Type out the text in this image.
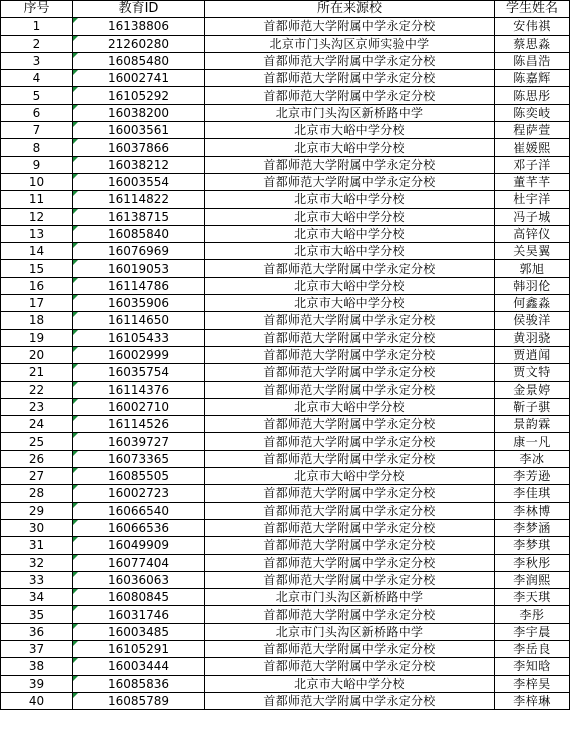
序号	教育ID	所在来源校	学生姓名
1	16138806	首都师范大学附属中学永定分校	安伟祺
2	21260280	北京市门头沟区京师实验中学	蔡思淼
3	16085480	首都师范大学附属中学永定分校	陈昌浩
4	16002741	首都师范大学附属中学永定分校	陈嘉辉
5	16105292	首都师范大学附属中学永定分校	陈思彤
6	16038200	北京市门头沟区新桥路中学	陈奕岐
7	16003561	北京市大峪中学分校	程萨萱
8	16037866	北京市大峪中学分校	崔媛熙
9	16038212	首都师范大学附属中学永定分校	邓子洋
10	16003554	首都师范大学附属中学永定分校	董芊芊
11	16114822	北京市大峪中学分校	杜宇洋
12	16138715	北京市大峪中学分校	冯子城
13	16085840	北京市大峪中学分校	高锌仪
14	16076969	北京市大峪中学分校	关昊翼
15	16019053	首都师范大学附属中学永定分校	郭旭
16	16114786	北京市大峪中学分校	韩羽伦
17	16035906	北京市大峪中学分校	何鑫淼
18	16114650	首都师范大学附属中学永定分校	侯骏洋
19	16105433	首都师范大学附属中学永定分校	黄羽骁
20	16002999	首都师范大学附属中学永定分校	贾逍闻
21	16035754	首都师范大学附属中学永定分校	贾文特
22	16114376	首都师范大学附属中学永定分校	金景婷
23	16002710	北京市大峪中学分校	靳子骐
24	16114526	首都师范大学附属中学永定分校	景韵霖
25	16039727	首都师范大学附属中学永定分校	康一凡
26	16073365	首都师范大学附属中学永定分校	李冰
27	16085505	北京市大峪中学分校	李芳逊
28	16002723	首都师范大学附属中学永定分校	李佳琪
29	16066540	首都师范大学附属中学永定分校	李林博
30	16066536	首都师范大学附属中学永定分校	李梦涵
31	16049909	首都师范大学附属中学永定分校	李梦琪
32	16077404	首都师范大学附属中学永定分校	李秋彤
33	16036063	首都师范大学附属中学永定分校	李润熙
34	16080845	北京市门头沟区新桥路中学	李天琪
35	16031746	首都师范大学附属中学永定分校	李彤
36	16003485	北京市门头沟区新桥路中学	李宇晨
37	16105291	首都师范大学附属中学永定分校	李岳良
38	16003444	首都师范大学附属中学永定分校	李知晗
39	16085836	北京市大峪中学分校	李梓昊
40	16085789	首都师范大学附属中学永定分校	李梓琳
